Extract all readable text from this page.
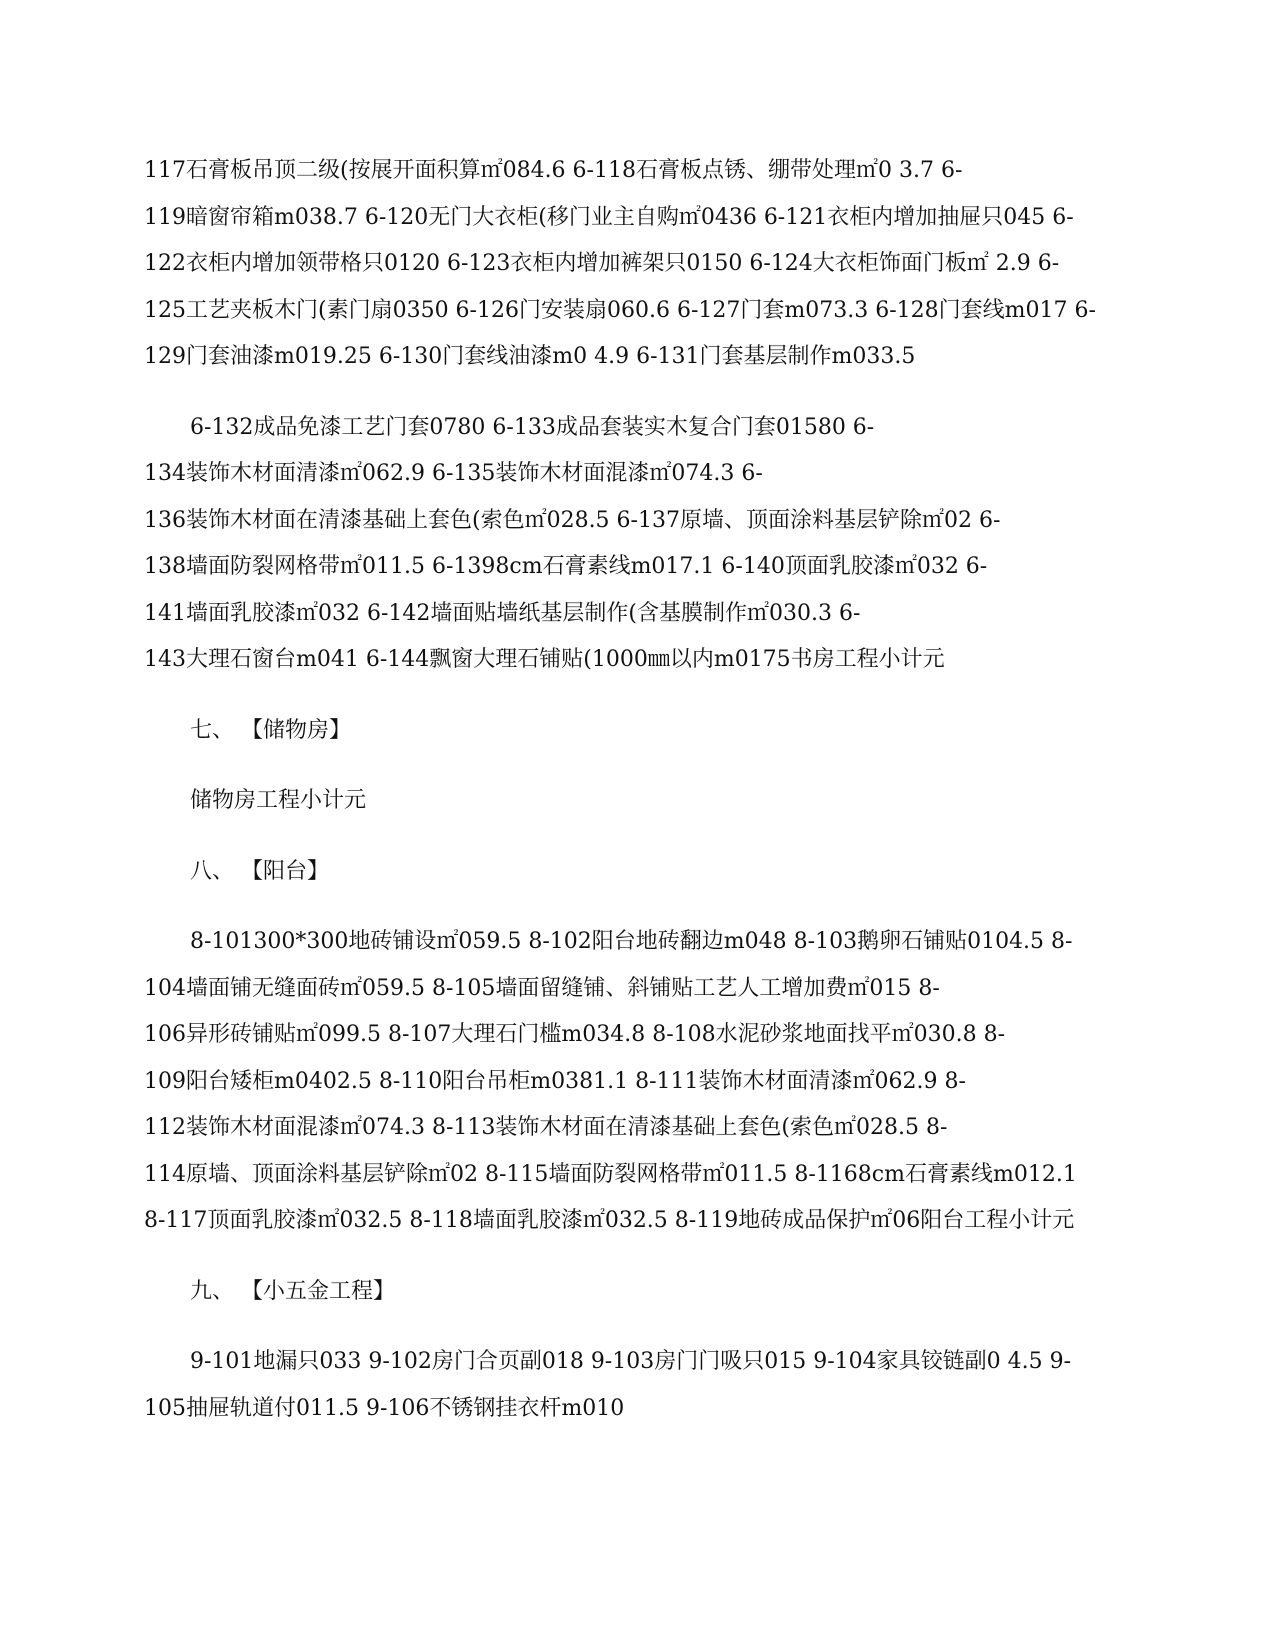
117石膏板吊顶二级(按展开面积算㎡084.6 6-118石膏板点锈、绷带处理㎡0 3.7 6-
119暗窗帘箱m038.7 6-120无门大衣柜(移门业主自购㎡0436 6-121衣柜内增加抽屉只045 6-
122衣柜内增加领带格只0120 6-123衣柜内增加裤架只0150 6-124大衣柜饰面门板㎡ 2.9 6-
125工艺夹板木门(素门扇0350 6-126门安装扇060.6 6-127门套m073.3 6-128门套线m017 6-
129门套油漆m019.25 6-130门套线油漆m0 4.9 6-131门套基层制作m033.5

6-132成品免漆工艺门套0780 6-133成品套装实木复合门套01580 6-
134装饰木材面清漆㎡062.9 6-135装饰木材面混漆㎡074.3 6-
136装饰木材面在清漆基础上套色(索色㎡028.5 6-137原墙、顶面涂料基层铲除㎡02 6-
138墙面防裂网格带㎡011.5 6-1398cm石膏素线m017.1 6-140顶面乳胶漆㎡032 6-
141墙面乳胶漆㎡032 6-142墙面贴墙纸基层制作(含基膜制作㎡030.3 6-
143大理石窗台m041 6-144飘窗大理石铺贴(1000㎜以内m0175书房工程小计元

七、 【储物房】

储物房工程小计元

八、 【阳台】

8-101300*300地砖铺设㎡059.5 8-102阳台地砖翻边m048 8-103鹅卵石铺贴0104.5 8-
104墙面铺无缝面砖㎡059.5 8-105墙面留缝铺、斜铺贴工艺人工增加费㎡015 8-
106异形砖铺贴㎡099.5 8-107大理石门槛m034.8 8-108水泥砂浆地面找平㎡030.8 8-
109阳台矮柜m0402.5 8-110阳台吊柜m0381.1 8-111装饰木材面清漆㎡062.9 8-
112装饰木材面混漆㎡074.3 8-113装饰木材面在清漆基础上套色(索色㎡028.5 8-
114原墙、顶面涂料基层铲除㎡02 8-115墙面防裂网格带㎡011.5 8-1168cm石膏素线m012.1
8-117顶面乳胶漆㎡032.5 8-118墙面乳胶漆㎡032.5 8-119地砖成品保护㎡06阳台工程小计元

九、 【小五金工程】

9-101地漏只033 9-102房门合页副018 9-103房门门吸只015 9-104家具铰链副0 4.5 9-
105抽屉轨道付011.5 9-106不锈钢挂衣杆m010
